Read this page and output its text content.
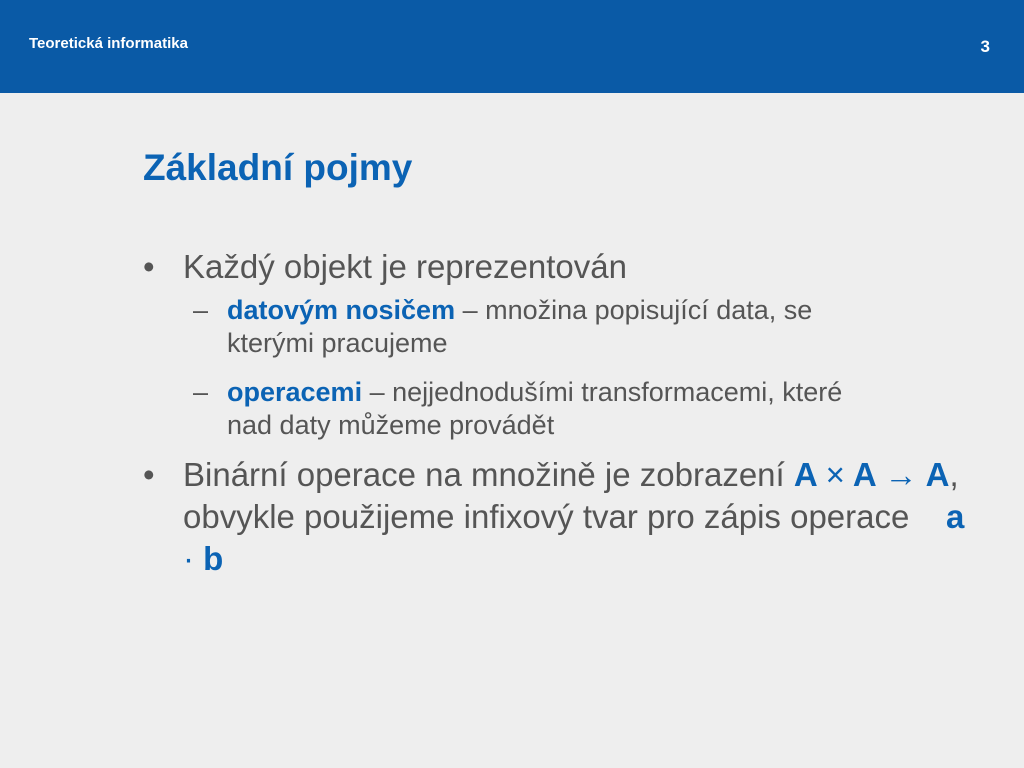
Teoretická informatika	3
Základní pojmy
• Každý objekt je reprezentován
– datovým nosičem – množina popisující data, se kterými pracujeme
– operacemi – nejjednodušími transformacemi, které nad daty můžeme provádět
• Binární operace na množině je zobrazení A × A → A, obvykle použijeme infixový tvar pro zápis operace a · b
